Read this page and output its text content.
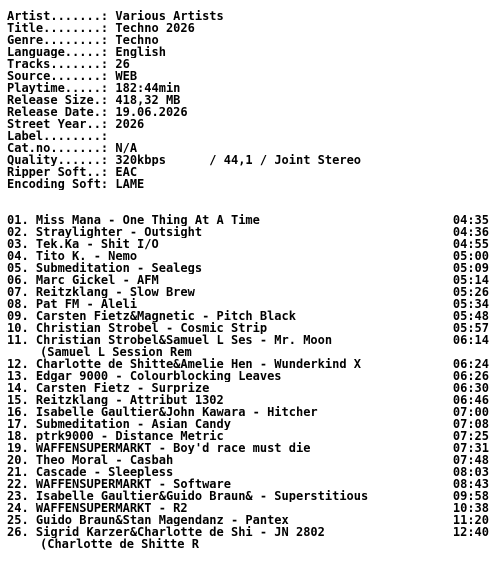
Artist.......: Various Artists
Title........: Techno 2026
Genre........: Techno
Language.....: English
Tracks.......: 26
Source.......: WEB
Playtime.....: 182:44min
Release Size.: 418,32 MB
Release Date.: 19.06.2026
Street Year..: 2026
Label........:
Cat.no.......: N/A
Quality......: 320kbps      / 44,1 / Joint Stereo
Ripper Soft..: EAC
Encoding Soft: LAME
01. Miss Mana - One Thing At A Time	04:35
02. Straylighter - Outsight	04:36
03. Tek.Ka - Shit I/O	04:55
04. Tito K. - Nemo	05:00
05. Submeditation - Sealegs	05:09
06. Marc Gickel - AFM	05:14
07. Reitzklang - Slow Brew	05:26
08. Pat FM - Aleli	05:34
09. Carsten Fietz&Magnetic - Pitch Black	05:48
10. Christian Strobel - Cosmic Strip	05:57
11. Christian Strobel&Samuel L Ses - Mr. Moon	06:14
(Samuel L Session Rem
12. Charlotte de Shitte&Amelie Hen - Wunderkind X	06:24
13. Edgar 9000 - Colourblocking Leaves	06:26
14. Carsten Fietz - Surprize	06:30
15. Reitzklang - Attribut 1302	06:46
16. Isabelle Gaultier&John Kawara - Hitcher	07:00
17. Submeditation - Asian Candy	07:08
18. ptrk9000 - Distance Metric	07:25
19. WAFFENSUPERMARKT - Boy'd race must die	07:31
20. Theo Moral - Casbah	07:48
21. Cascade - Sleepless	08:03
22. WAFFENSUPERMARKT - Software	08:43
23. Isabelle Gaultier&Guido Braun& - Superstitious	09:58
24. WAFFENSUPERMARKT - R2	10:38
25. Guido Braun&Stan Magendanz - Pantex	11:20
26. Sigrid Karzer&Charlotte de Shi - JN 2802	12:40
(Charlotte de Shitte R
